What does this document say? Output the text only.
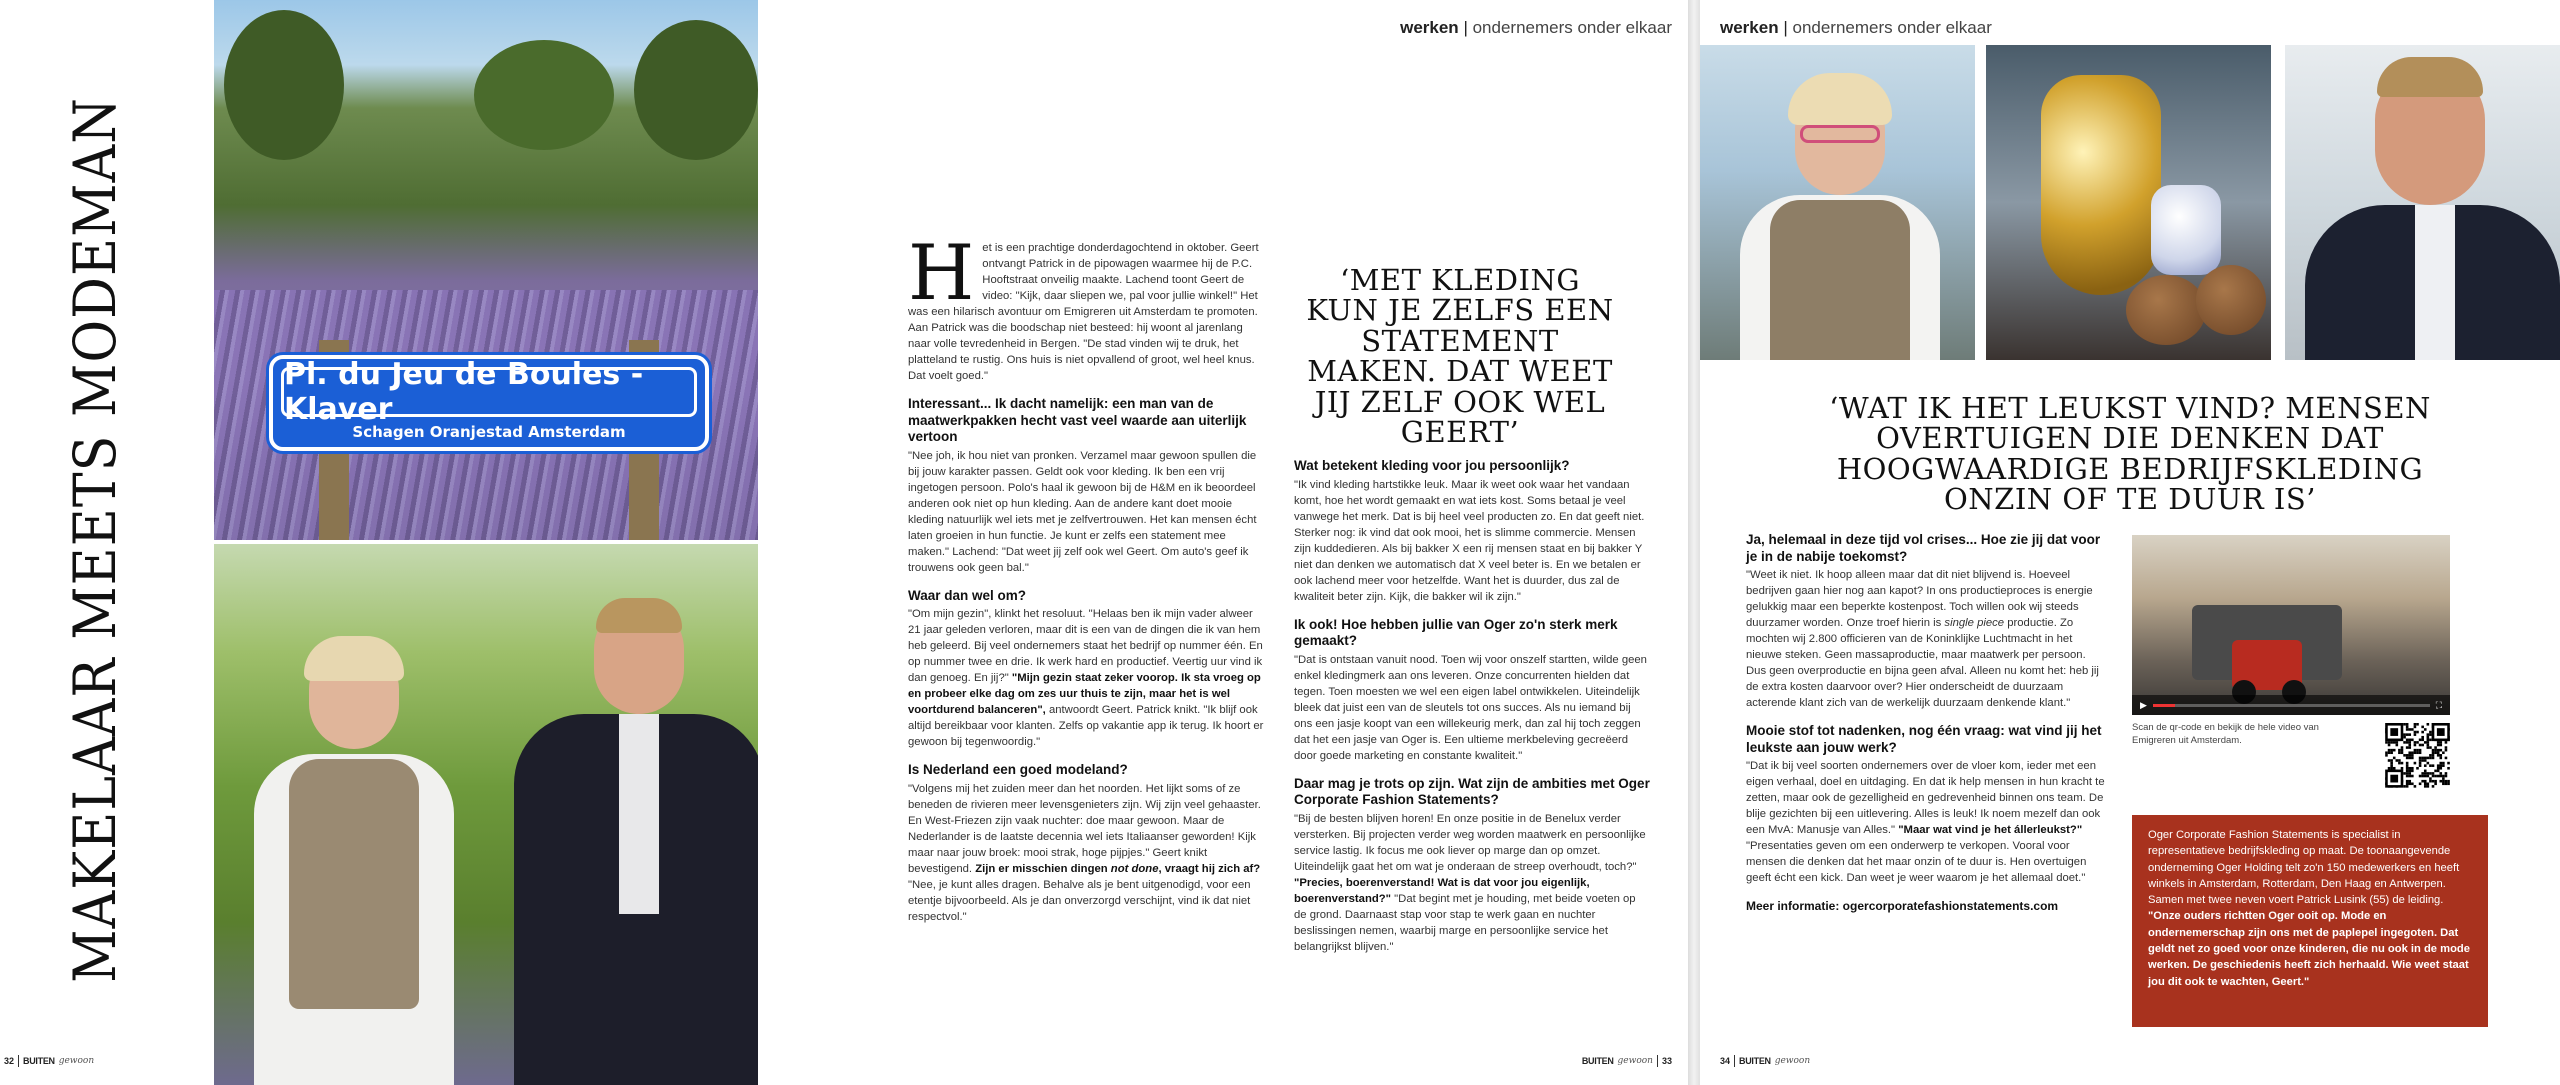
MAKELAAR MEETS MODEMAN	Pl. du Jeu de Boules -Klaver
Schagen Oranjestad Amsterdam
32 BUITEN gewoon
werken | ondernemers onder elkaar

Het is een prachtige donderdagochtend in oktober. Geert ontvangt Patrick in de pipowagen waarmee hij de P.C. Hooftstraat onveilig maakte. Lachend toont Geert de video: "Kijk, daar sliepen we, pal voor jullie winkel!" Het was een hilarisch avontuur om Emigreren uit Amsterdam te promoten. Aan Patrick was die boodschap niet besteed: hij woont al jarenlang naar volle tevredenheid in Bergen. "De stad vinden wij te druk, het platteland te rustig. Ons huis is niet opvallend of groot, wel heel knus. Dat voelt goed."

Interessant... Ik dacht namelijk: een man van de maatwerkpakken hecht vast veel waarde aan uiterlijk vertoon
"Nee joh, ik hou niet van pronken. Verzamel maar gewoon spullen die bij jouw karakter passen. Geldt ook voor kleding. Ik ben een vrij ingetogen persoon. Polo's haal ik gewoon bij de H&M en ik beoordeel anderen ook niet op hun kleding. Aan de andere kant doet mooie kleding natuurlijk wel iets met je zelfvertrouwen. Het kan mensen écht laten groeien in hun functie. Je kunt er zelfs een statement mee maken." Lachend: "Dat weet jij zelf ook wel Geert. Om auto's geef ik trouwens ook geen bal."
Waar dan wel om?
"Om mijn gezin", klinkt het resoluut. "Helaas ben ik mijn vader alweer 21 jaar geleden verloren, maar dit is een van de dingen die ik van hem heb geleerd. Bij veel ondernemers staat het bedrijf op nummer één. En op nummer twee en drie. Ik werk hard en productief. Veertig uur vind ik dan genoeg. En jij?" "Mijn gezin staat zeker voorop. Ik sta vroeg op en probeer elke dag om zes uur thuis te zijn, maar het is wel voortdurend balanceren", antwoordt Geert. Patrick knikt. "Ik blijf ook altijd bereikbaar voor klanten. Zelfs op vakantie app ik terug. Ik hoort er gewoon bij tegenwoordig."
Is Nederland een goed modeland?
"Volgens mij het zuiden meer dan het noorden. Het lijkt soms of ze beneden de rivieren meer levensgenieters zijn. Wij zijn veel gehaaster. En West-Friezen zijn vaak nuchter: doe maar gewoon. Maar de Nederlander is de laatste decennia wel iets Italiaanser geworden! Kijk maar naar jouw broek: mooi strak, hoge pijpjes." Geert knikt bevestigend. Zijn er misschien dingen not done, vraagt hij zich af? "Nee, je kunt alles dragen. Behalve als je bent uitgenodigd, voor een etentje bijvoorbeeld. Als je dan onverzorgd verschijnt, vind ik dat niet respectvol."
‘MET KLEDING KUN JE ZELFS EEN STATEMENT MAKEN. DAT WEET JIJ ZELF OOK WEL GEERT’
Wat betekent kleding voor jou persoonlijk?
"Ik vind kleding hartstikke leuk. Maar ik weet ook waar het vandaan komt, hoe het wordt gemaakt en wat iets kost. Soms betaal je veel vanwege het merk. Dat is bij heel veel producten zo. En dat geeft niet. Sterker nog: ik vind dat ook mooi, het is slimme commercie. Mensen zijn kuddedieren. Als bij bakker X een rij mensen staat en bij bakker Y niet dan denken we automatisch dat X veel beter is. En we betalen er ook lachend meer voor hetzelfde. Want het is duurder, dus zal de kwaliteit beter zijn. Kijk, die bakker wil ik zijn."
Ik ook! Hoe hebben jullie van Oger zo'n sterk merk gemaakt?
"Dat is ontstaan vanuit nood. Toen wij voor onszelf startten, wilde geen enkel kledingmerk aan ons leveren. Onze concurrenten hielden dat tegen. Toen moesten we wel een eigen label ontwikkelen. Uiteindelijk bleek dat juist een van de sleutels tot ons succes. Als nu iemand bij ons een jasje koopt van een willekeurig merk, dan zal hij toch zeggen dat het een jasje van Oger is. Een ultieme merkbeleving gecreëerd door goede marketing en constante kwaliteit."
Daar mag je trots op zijn. Wat zijn de ambities met Oger Corporate Fashion Statements?
"Bij de besten blijven horen! En onze positie in de Benelux verder versterken. Bij projecten verder weg worden maatwerk en persoonlijke service lastig. Ik focus me ook liever op marge dan op omzet. Uiteindelijk gaat het om wat je onderaan de streep overhoudt, toch?" "Precies, boerenverstand! Wat is dat voor jou eigenlijk, boerenverstand?" "Dat begint met je houding, met beide voeten op de grond. Daarnaast stap voor stap te werk gaan en nuchter beslissingen nemen, waarbij marge en persoonlijke service het belangrijkst blijven."
BUITEN gewoon 33
werken | ondernemers onder elkaar
‘WAT IK HET LEUKST VIND? MENSEN OVERTUIGEN DIE DENKEN DAT HOOGWAARDIGE BEDRIJFSKLEDING ONZIN OF TE DUUR IS’
Ja, helemaal in deze tijd vol crises... Hoe zie jij dat voor je in de nabije toekomst?
"Weet ik niet. Ik hoop alleen maar dat dit niet blijvend is. Hoeveel bedrijven gaan hier nog aan kapot? In ons productieproces is energie gelukkig maar een beperkte kostenpost. Toch willen ook wij steeds duurzamer worden. Onze troef hierin is single piece productie. Zo mochten wij 2.800 officieren van de Koninklijke Luchtmacht in het nieuwe steken. Geen massaproductie, maar maatwerk per persoon. Dus geen overproductie en bijna geen afval. Alleen nu komt het: heb jij de extra kosten daarvoor over? Hier onderscheidt de duurzaam acterende klant zich van de werkelijk duurzaam denkende klant."
Mooie stof tot nadenken, nog één vraag: wat vind jij het leukste aan jouw werk?
"Dat ik bij veel soorten ondernemers over de vloer kom, ieder met een eigen verhaal, doel en uitdaging. En dat ik help mensen in hun kracht te zetten, maar ook de gezelligheid en gedrevenheid binnen ons team. De blije gezichten bij een uitlevering. Alles is leuk! Ik noem mezelf dan ook een MvA: Manusje van Alles." "Maar wat vind je het állerleukst?" "Presentaties geven om een onderwerp te verkopen. Vooral voor mensen die denken dat het maar onzin of te duur is. Hen overtuigen geeft écht een kick. Dan weet je weer waarom je het allemaal doet."
Meer informatie: ogercorporatefashionstatements.com
▶	⛶
Scan de qr-code en bekijk de hele video van Emigreren uit Amsterdam.
Oger Corporate Fashion Statements is specialist in representatieve bedrijfskleding op maat. De toonaangevende onderneming Oger Holding telt zo'n 150 medewerkers en heeft winkels in Amsterdam, Rotterdam, Den Haag en Antwerpen. Samen met twee neven voert Patrick Lusink (55) de leiding. "Onze ouders richtten Oger ooit op. Mode en ondernemerschap zijn ons met de paplepel ingegoten. Dat geldt net zo goed voor onze kinderen, die nu ook in de mode werken. De geschiedenis heeft zich herhaald. Wie weet staat jou dit ook te wachten, Geert."
34 BUITEN gewoon
